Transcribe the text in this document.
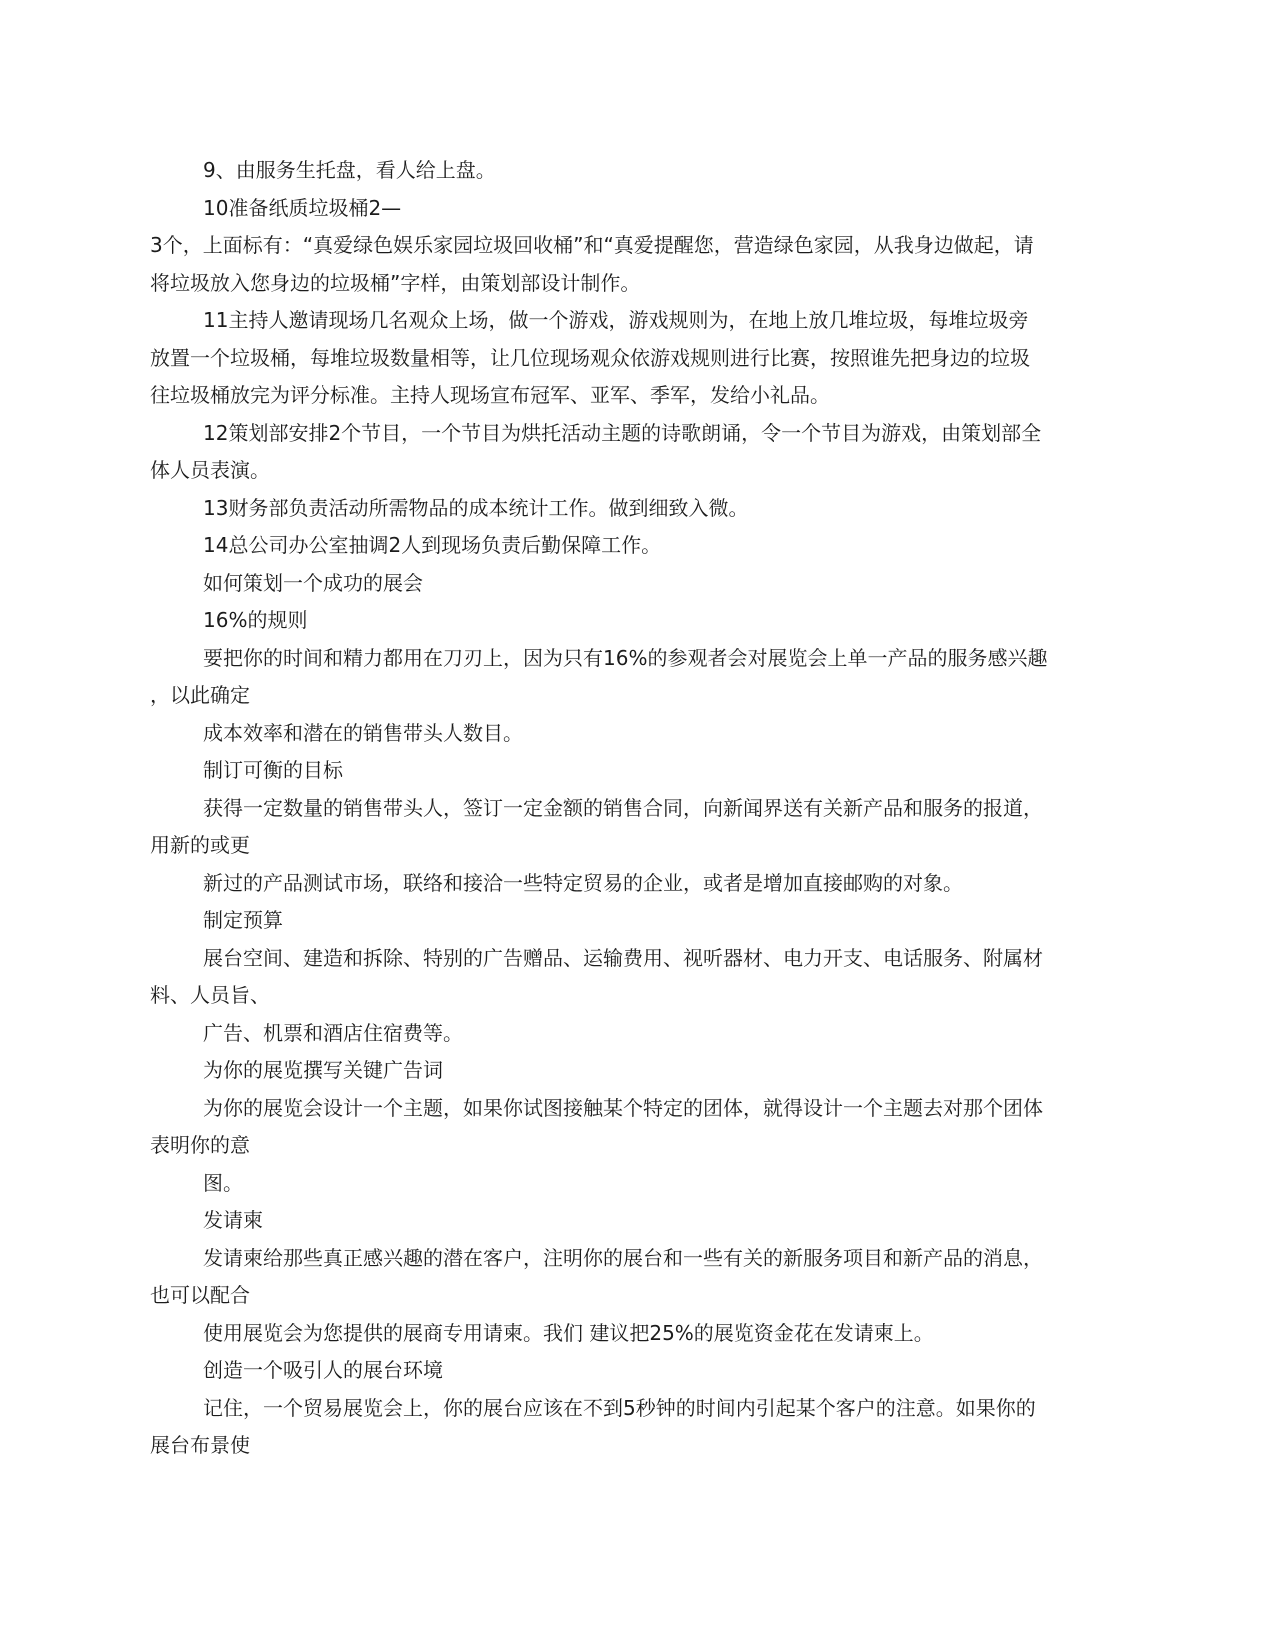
9、由服务生托盘，看人给上盘。

10准备纸质垃圾桶2—

3个，上面标有：“真爱绿色娱乐家园垃圾回收桶”和“真爱提醒您，营造绿色家园，从我身边做起，请

将垃圾放入您身边的垃圾桶”字样，由策划部设计制作。

11主持人邀请现场几名观众上场，做一个游戏，游戏规则为，在地上放几堆垃圾，每堆垃圾旁

放置一个垃圾桶，每堆垃圾数量相等，让几位现场观众依游戏规则进行比赛，按照谁先把身边的垃圾

往垃圾桶放完为评分标准。主持人现场宣布冠军、亚军、季军，发给小礼品。

12策划部安排2个节目，一个节目为烘托活动主题的诗歌朗诵，令一个节目为游戏，由策划部全

体人员表演。

13财务部负责活动所需物品的成本统计工作。做到细致入微。

14总公司办公室抽调2人到现场负责后勤保障工作。

如何策划一个成功的展会

16%的规则

要把你的时间和精力都用在刀刃上，因为只有16%的参观者会对展览会上单一产品的服务感兴趣

，以此确定

成本效率和潜在的销售带头人数目。

制订可衡的目标

获得一定数量的销售带头人，签订一定金额的销售合同，向新闻界送有关新产品和服务的报道，

用新的或更

新过的产品测试市场，联络和接洽一些特定贸易的企业，或者是增加直接邮购的对象。

制定预算

展台空间、建造和拆除、特别的广告赠品、运输费用、视听器材、电力开支、电话服务、附属材

料、人员旨、

广告、机票和酒店住宿费等。

为你的展览撰写关键广告词

为你的展览会设计一个主题，如果你试图接触某个特定的团体，就得设计一个主题去对那个团体

表明你的意

图。

发请柬

发请柬给那些真正感兴趣的潜在客户，注明你的展台和一些有关的新服务项目和新产品的消息，

也可以配合

使用展览会为您提供的展商专用请柬。我们 建议把25%的展览资金花在发请柬上。

创造一个吸引人的展台环境

记住，一个贸易展览会上，你的展台应该在不到5秒钟的时间内引起某个客户的注意。如果你的

展台布景使
